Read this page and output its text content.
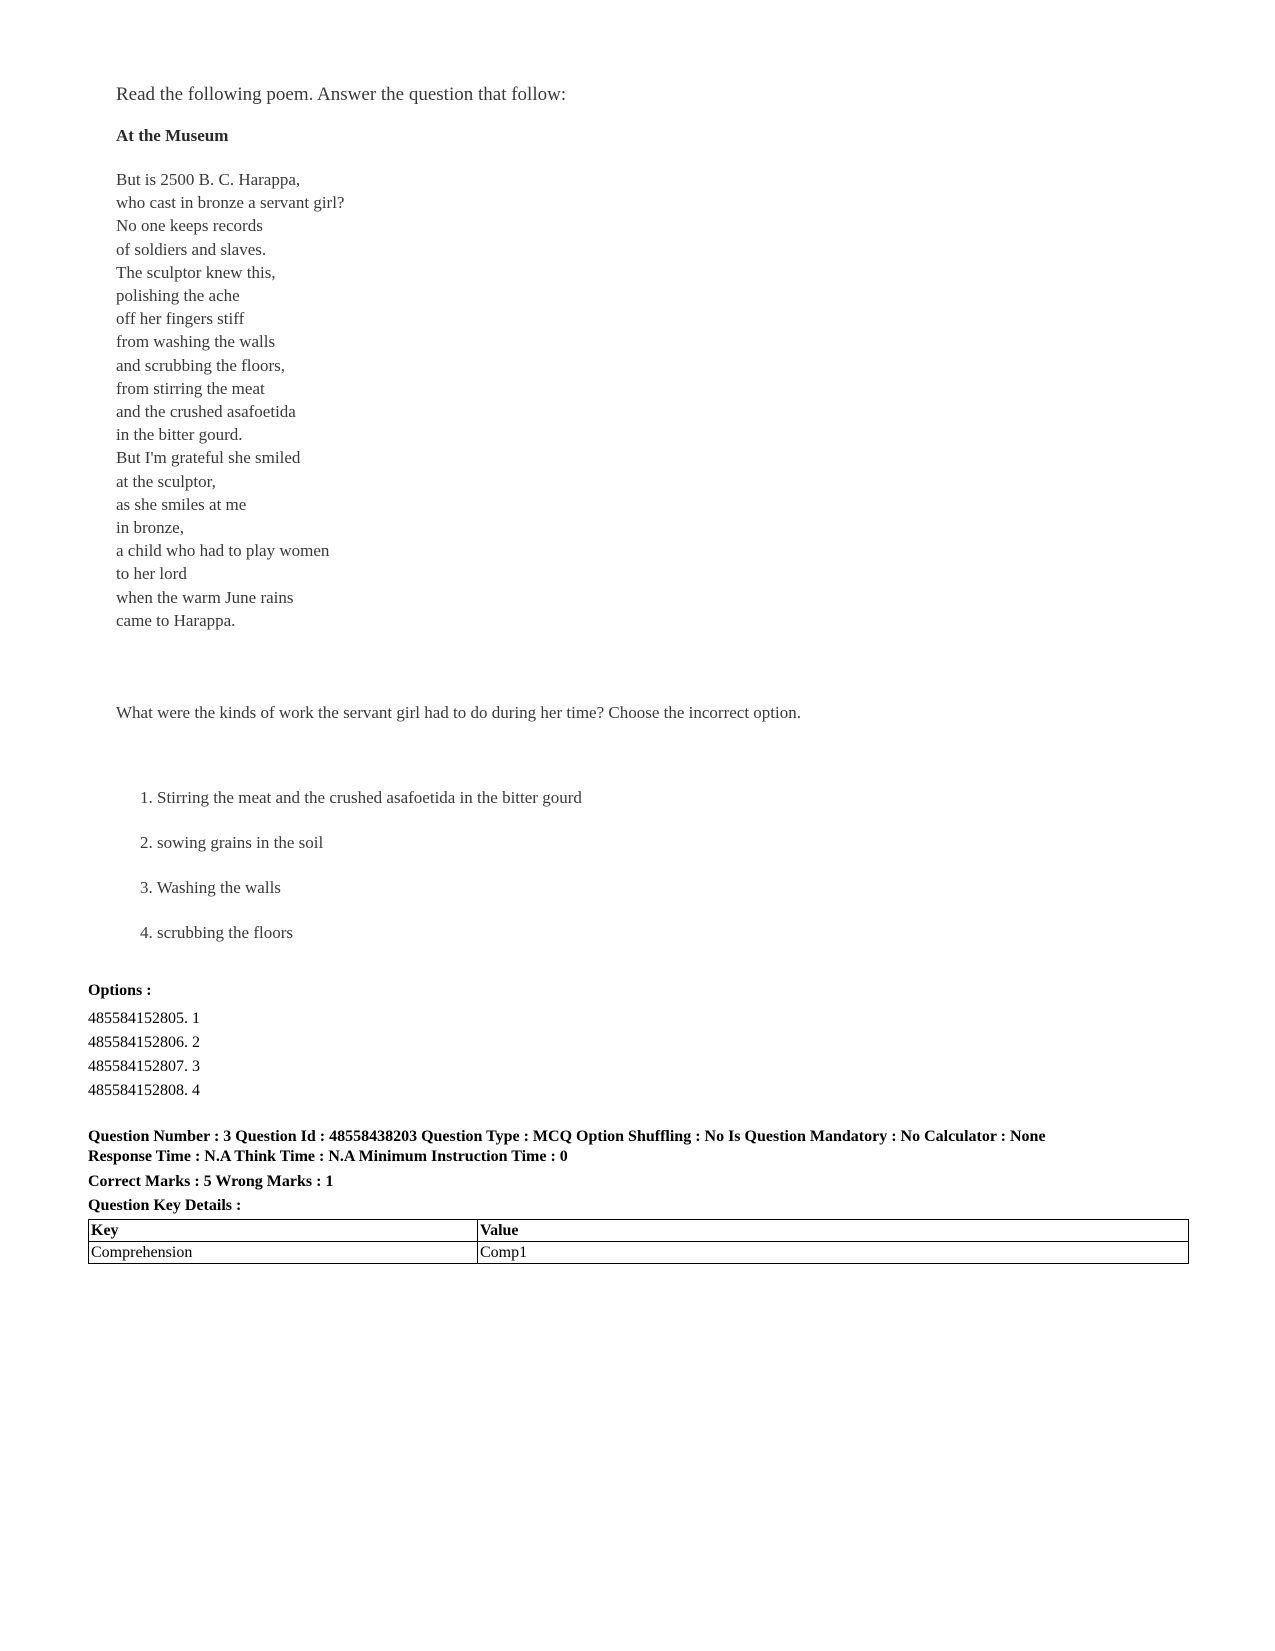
Read the following poem. Answer the question that follow:
At the Museum
But is 2500 B. C. Harappa,
who cast in bronze a servant girl?
No one keeps records
of soldiers and slaves.
The sculptor knew this,
polishing the ache
off her fingers stiff
from washing the walls
and scrubbing the floors,
from stirring the meat
and the crushed asafoetida
in the bitter gourd.
But I'm grateful she smiled
at the sculptor,
as she smiles at me
in bronze,
a child who had to play women
to her lord
when the warm June rains
came to Harappa.
What were the kinds of work the servant girl had to do during her time? Choose the incorrect option.
1. Stirring the meat and the crushed asafoetida in the bitter gourd
2. sowing grains in the soil
3. Washing the walls
4. scrubbing the floors
Options :
485584152805. 1
485584152806. 2
485584152807. 3
485584152808. 4
Question Number : 3 Question Id : 48558438203 Question Type : MCQ Option Shuffling : No Is Question Mandatory : No Calculator : None
Response Time : N.A Think Time : N.A Minimum Instruction Time : 0
Correct Marks : 5 Wrong Marks : 1
Question Key Details :
Key	Value
Comprehension	Comp1
